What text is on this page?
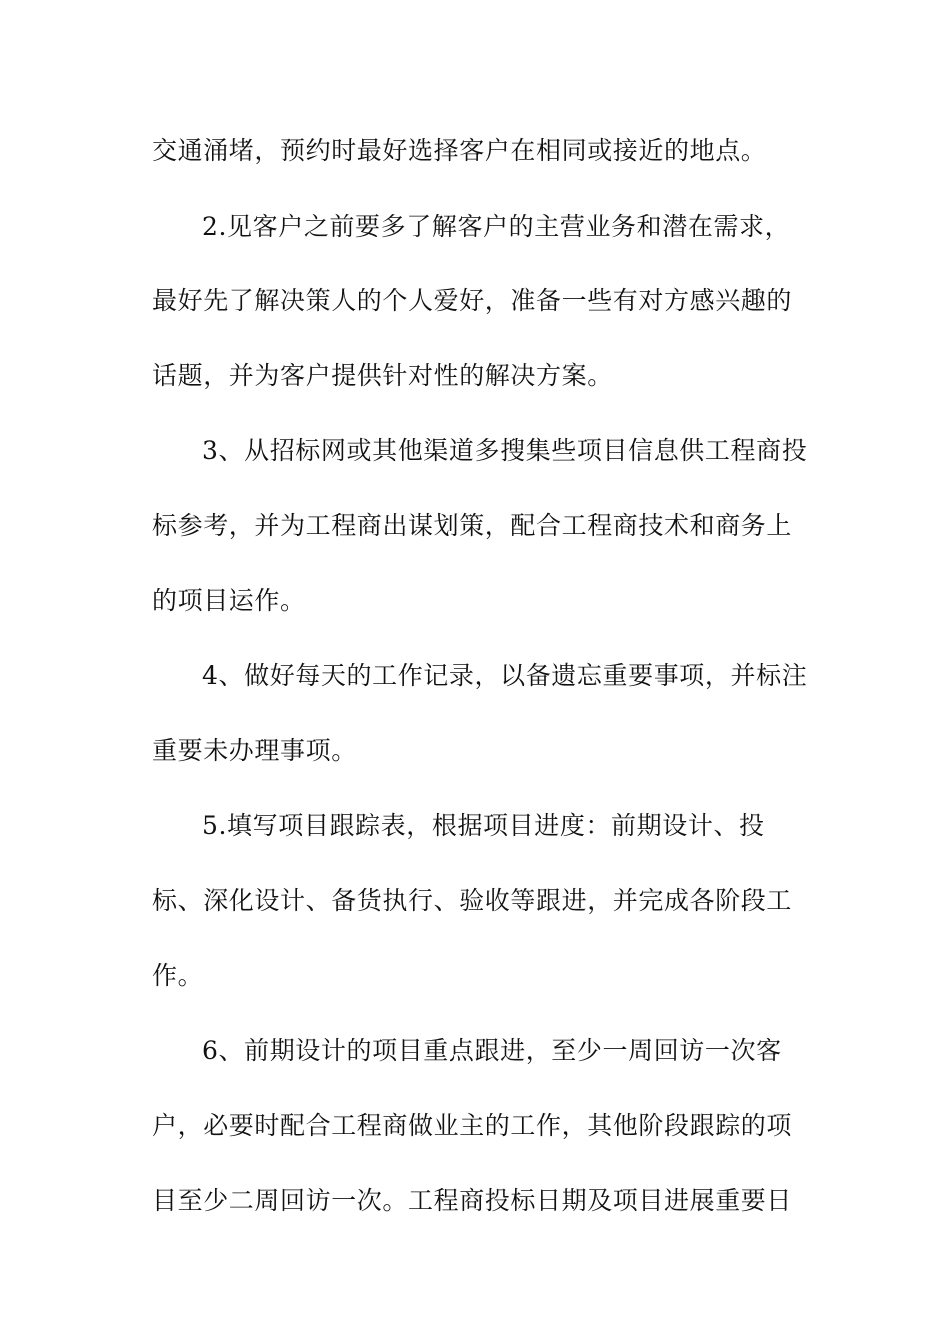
交通涌堵，预约时最好选择客户在相同或接近的地点。
2.见客户之前要多了解客户的主营业务和潜在需求，
最好先了解决策人的个人爱好，准备一些有对方感兴趣的
话题，并为客户提供针对性的解决方案。
3、从招标网或其他渠道多搜集些项目信息供工程商投
标参考，并为工程商出谋划策，配合工程商技术和商务上
的项目运作。
4、做好每天的工作记录，以备遗忘重要事项，并标注
重要未办理事项。
5.填写项目跟踪表，根据项目进度：前期设计、投
标、深化设计、备货执行、验收等跟进，并完成各阶段工
作。
6、前期设计的项目重点跟进，至少一周回访一次客
户，必要时配合工程商做业主的工作，其他阶段跟踪的项
目至少二周回访一次。工程商投标日期及项目进展重要日
